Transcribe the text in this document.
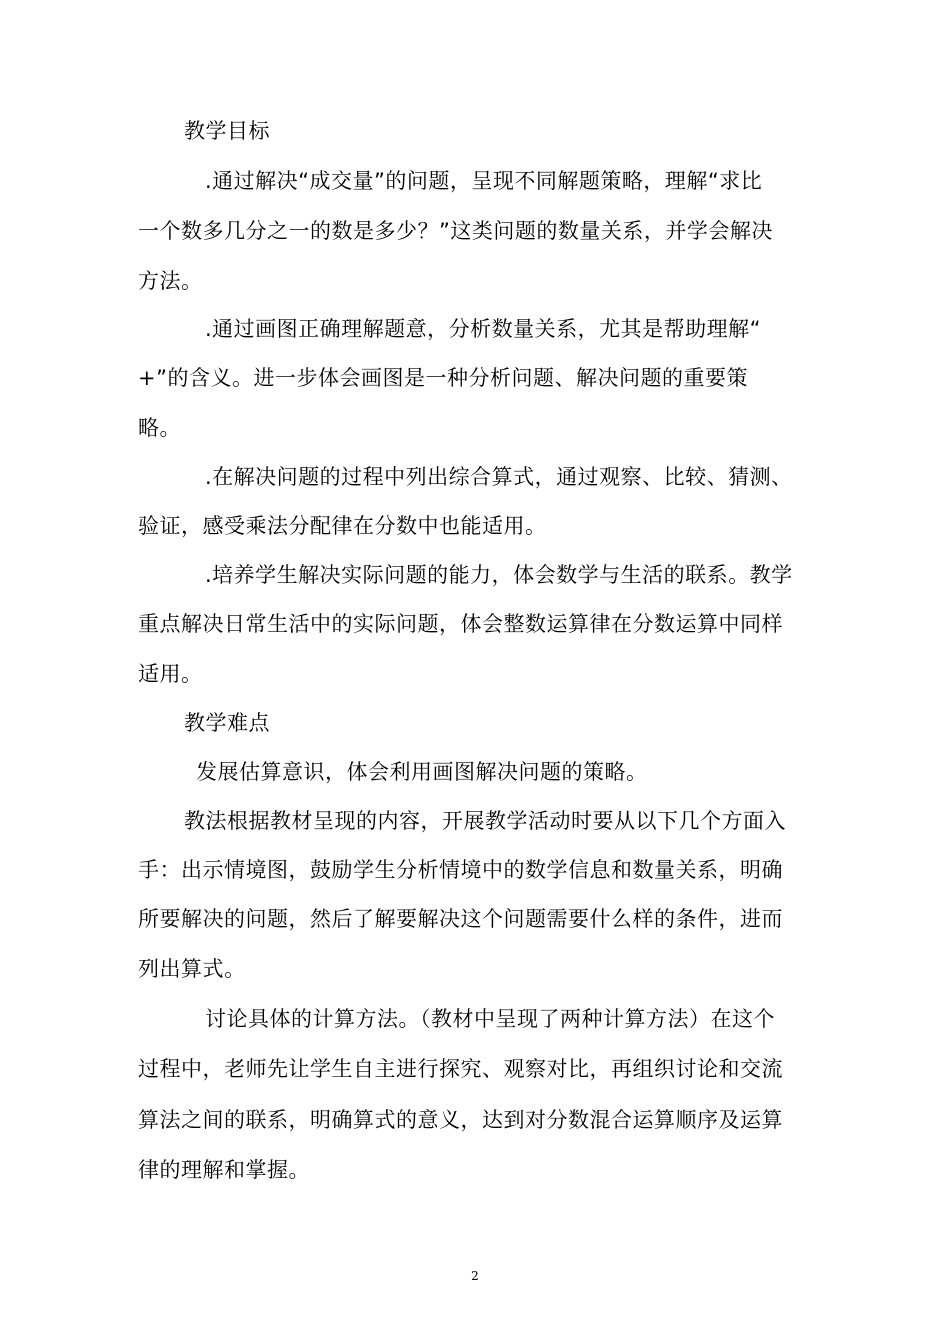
教学目标
.通过解决“成交量”的问题，呈现不同解题策略，理解“求比
一个数多几分之一的数是多少？”这类问题的数量关系，并学会解决
方法。
.通过画图正确理解题意，分析数量关系，尤其是帮助理解“
+”的含义。进一步体会画图是一种分析问题、解决问题的重要策
略。
.在解决问题的过程中列出综合算式，通过观察、比较、猜测、
验证，感受乘法分配律在分数中也能适用。
.培养学生解决实际问题的能力，体会数学与生活的联系。教学
重点解决日常生活中的实际问题，体会整数运算律在分数运算中同样
适用。
教学难点
发展估算意识，体会利用画图解决问题的策略。
教法根据教材呈现的内容，开展教学活动时要从以下几个方面入
手：出示情境图，鼓励学生分析情境中的数学信息和数量关系，明确
所要解决的问题，然后了解要解决这个问题需要什么样的条件，进而
列出算式。
讨论具体的计算方法。（教材中呈现了两种计算方法）在这个
过程中，老师先让学生自主进行探究、观察对比，再组织讨论和交流
算法之间的联系，明确算式的意义，达到对分数混合运算顺序及运算
律的理解和掌握。
2
